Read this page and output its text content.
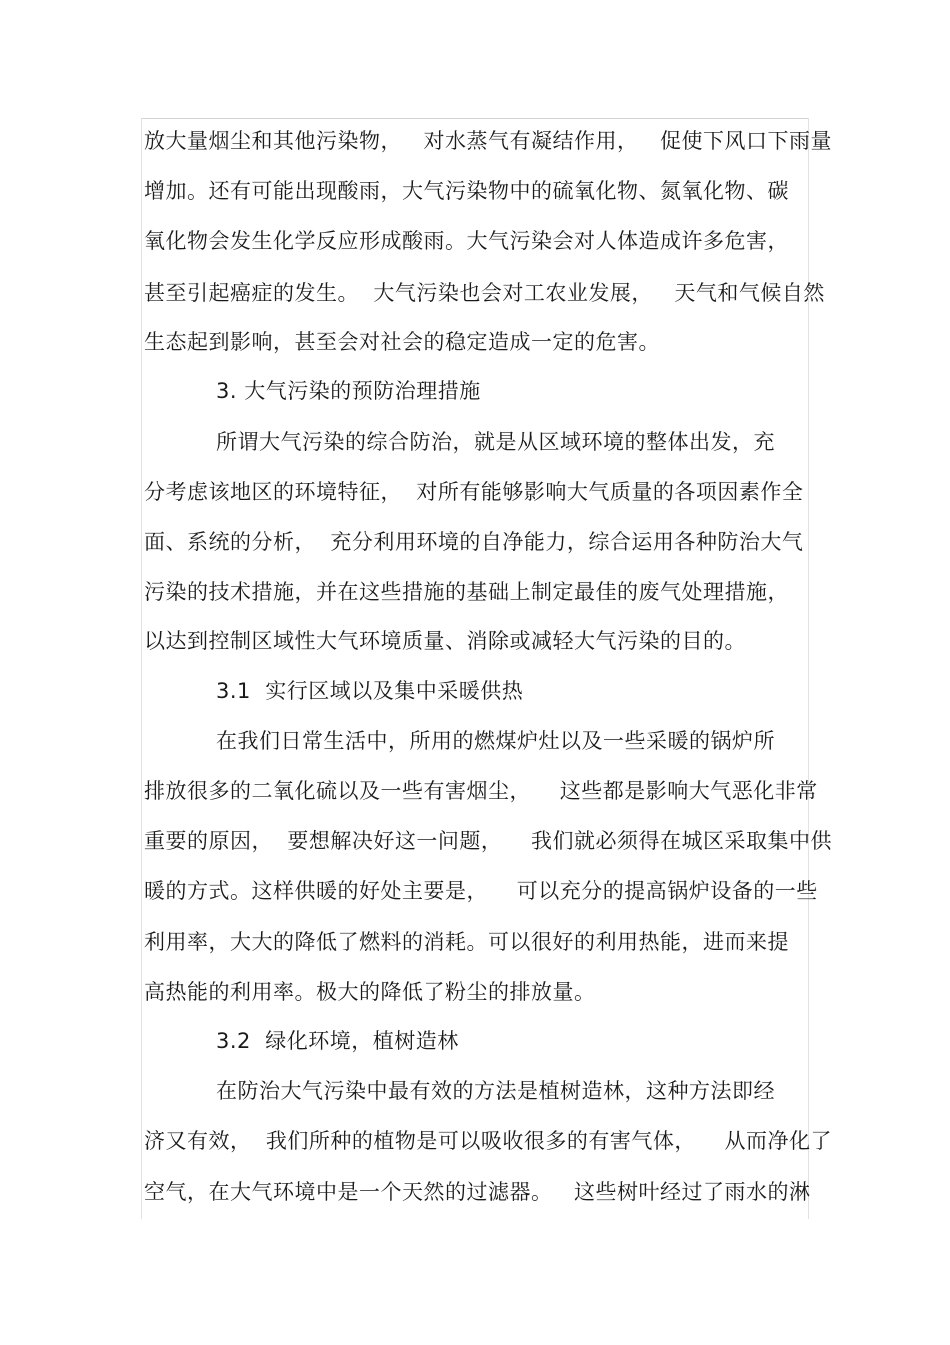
放大量烟尘和其他污染物，   对水蒸气有凝结作用，   促使下风口下雨量
增加。还有可能出现酸雨，大气污染物中的硫氧化物、氮氧化物、碳
氧化物会发生化学反应形成酸雨。大气污染会对人体造成许多危害，
甚至引起癌症的发生。  大气污染也会对工农业发展，   天气和气候自然
生态起到影响，甚至会对社会的稳定造成一定的危害。
3. 大气污染的预防治理措施
所谓大气污染的综合防治，就是从区域环境的整体出发，充
分考虑该地区的环境特征，  对所有能够影响大气质量的各项因素作全
面、系统的分析，  充分利用环境的自净能力，综合运用各种防治大气
污染的技术措施，并在这些措施的基础上制定最佳的废气处理措施，
以达到控制区域性大气环境质量、消除或减轻大气污染的目的。
3.1  实行区域以及集中采暖供热
在我们日常生活中，所用的燃煤炉灶以及一些采暖的锅炉所
排放很多的二氧化硫以及一些有害烟尘，    这些都是影响大气恶化非常
重要的原因，  要想解决好这一问题，    我们就必须得在城区采取集中供
暖的方式。这样供暖的好处主要是，    可以充分的提高锅炉设备的一些
利用率，大大的降低了燃料的消耗。可以很好的利用热能，进而来提
高热能的利用率。极大的降低了粉尘的排放量。
3.2  绿化环境，植树造林
在防治大气污染中最有效的方法是植树造林，这种方法即经
济又有效，  我们所种的植物是可以吸收很多的有害气体，    从而净化了
空气，在大气环境中是一个天然的过滤器。   这些树叶经过了雨水的淋
